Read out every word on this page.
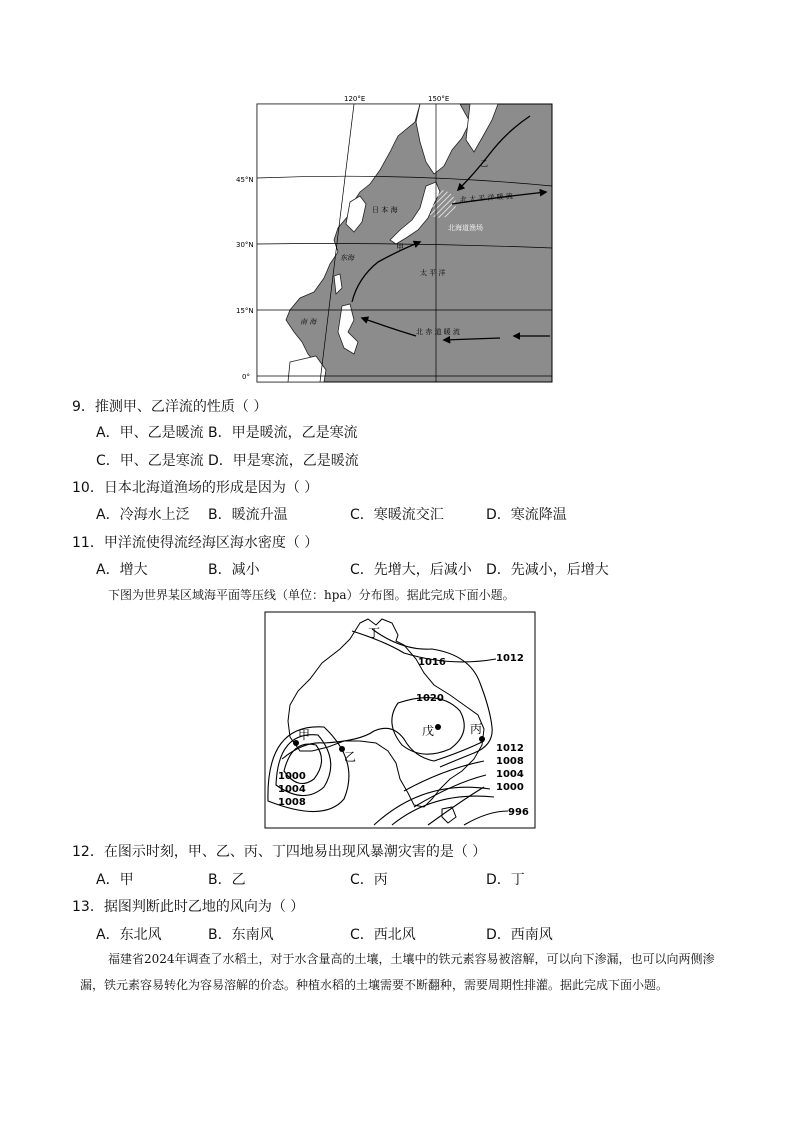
120°E	150°E
45°N
30°N
15°N
0°
日 本 海
东海
南 海
北海道渔场
太 平 洋
北 太 平 洋 暖 流
北 赤 道 暖 流
甲
乙
9．推测甲、乙洋流的性质（ ）
A．甲、乙是暖流 B．甲是暖流，乙是寒流
C．甲、乙是寒流 D．甲是寒流，乙是暖流
10．日本北海道渔场的形成是因为（ ）
A．冷海水上泛 B．暖流升温	C．寒暖流交汇	D．寒流降温
11．甲洋流使得流经海区海水密度（ ）
A．增大	B．减小	C．先增大，后减小 D．先减小，后增大
下图为世界某区域海平面等压线（单位：hpa）分布图。据此完成下面小题。
甲
乙
丙
丁
戊
1012
1016
1020
1012
1008
1004
1000
996
1000
1004
1008
12．在图示时刻，甲、乙、丙、丁四地易出现风暴潮灾害的是（ ）
A．甲	B．乙	C．丙	D．丁
13．据图判断此时乙地的风向为（ ）
A．东北风	B．东南风	C．西北风	D．西南风
福建省2024年调查了水稻土，对于水含量高的土壤，土壤中的铁元素容易被溶解，可以向下渗漏，也可以向两侧渗漏，铁元素容易转化为容易溶解的价态。种植水稻的土壤需要不断翻种，需要周期性排灌。据此完成下面小题。
